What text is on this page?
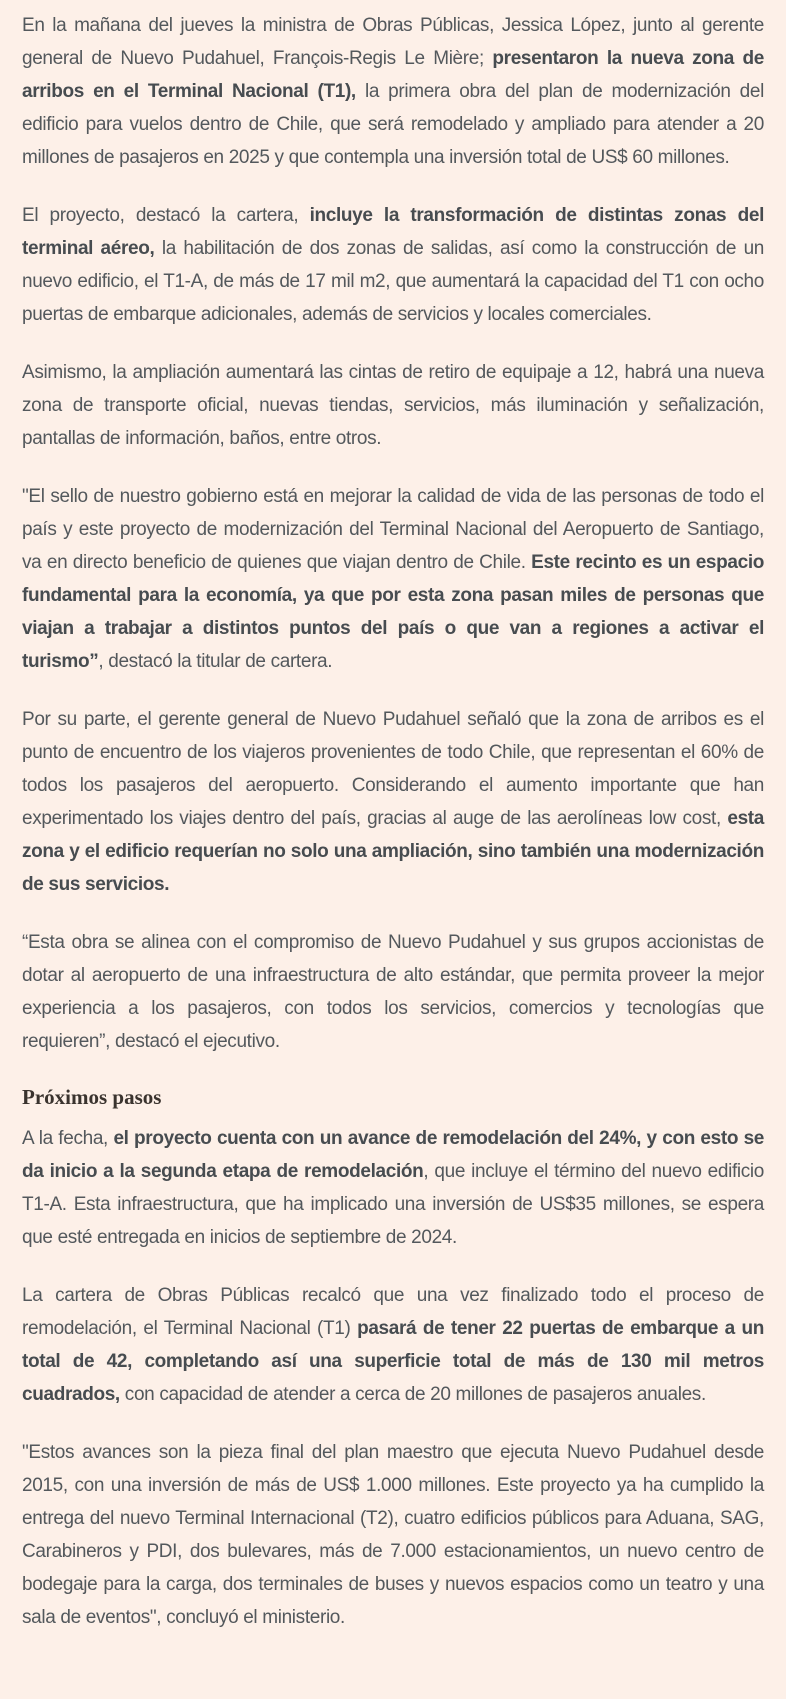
En la mañana del jueves la ministra de Obras Públicas, Jessica López, junto al gerente general de Nuevo Pudahuel, François-Regis Le Mière; presentaron la nueva zona de arribos en el Terminal Nacional (T1), la primera obra del plan de modernización del edificio para vuelos dentro de Chile, que será remodelado y ampliado para atender a 20 millones de pasajeros en 2025 y que contempla una inversión total de US$ 60 millones.

El proyecto, destacó la cartera, incluye la transformación de distintas zonas del terminal aéreo, la habilitación de dos zonas de salidas, así como la construcción de un nuevo edificio, el T1-A, de más de 17 mil m2, que aumentará la capacidad del T1 con ocho puertas de embarque adicionales, además de servicios y locales comerciales.

Asimismo, la ampliación aumentará las cintas de retiro de equipaje a 12, habrá una nueva zona de transporte oficial, nuevas tiendas, servicios, más iluminación y señalización, pantallas de información, baños, entre otros.

"El sello de nuestro gobierno está en mejorar la calidad de vida de las personas de todo el país y este proyecto de modernización del Terminal Nacional del Aeropuerto de Santiago, va en directo beneficio de quienes que viajan dentro de Chile. Este recinto es un espacio fundamental para la economía, ya que por esta zona pasan miles de personas que viajan a trabajar a distintos puntos del país o que van a regiones a activar el turismo”, destacó la titular de cartera.

Por su parte, el gerente general de Nuevo Pudahuel señaló que la zona de arribos es el punto de encuentro de los viajeros provenientes de todo Chile, que representan el 60% de todos los pasajeros del aeropuerto. Considerando el aumento importante que han experimentado los viajes dentro del país, gracias al auge de las aerolíneas low cost, esta zona y el edificio requerían no solo una ampliación, sino también una modernización de sus servicios.

“Esta obra se alinea con el compromiso de Nuevo Pudahuel y sus grupos accionistas de dotar al aeropuerto de una infraestructura de alto estándar, que permita proveer la mejor experiencia a los pasajeros, con todos los servicios, comercios y tecnologías que requieren”, destacó el ejecutivo.

Próximos pasos

A la fecha, el proyecto cuenta con un avance de remodelación del 24%, y con esto se da inicio a la segunda etapa de remodelación, que incluye el término del nuevo edificio T1-A. Esta infraestructura, que ha implicado una inversión de US$35 millones, se espera que esté entregada en inicios de septiembre de 2024.

La cartera de Obras Públicas recalcó que una vez finalizado todo el proceso de remodelación, el Terminal Nacional (T1) pasará de tener 22 puertas de embarque a un total de 42, completando así una superficie total de más de 130 mil metros cuadrados, con capacidad de atender a cerca de 20 millones de pasajeros anuales.

"Estos avances son la pieza final del plan maestro que ejecuta Nuevo Pudahuel desde 2015, con una inversión de más de US$ 1.000 millones. Este proyecto ya ha cumplido la entrega del nuevo Terminal Internacional (T2), cuatro edificios públicos para Aduana, SAG, Carabineros y PDI, dos bulevares, más de 7.000 estacionamientos, un nuevo centro de bodegaje para la carga, dos terminales de buses y nuevos espacios como un teatro y una sala de eventos", concluyó el ministerio.
